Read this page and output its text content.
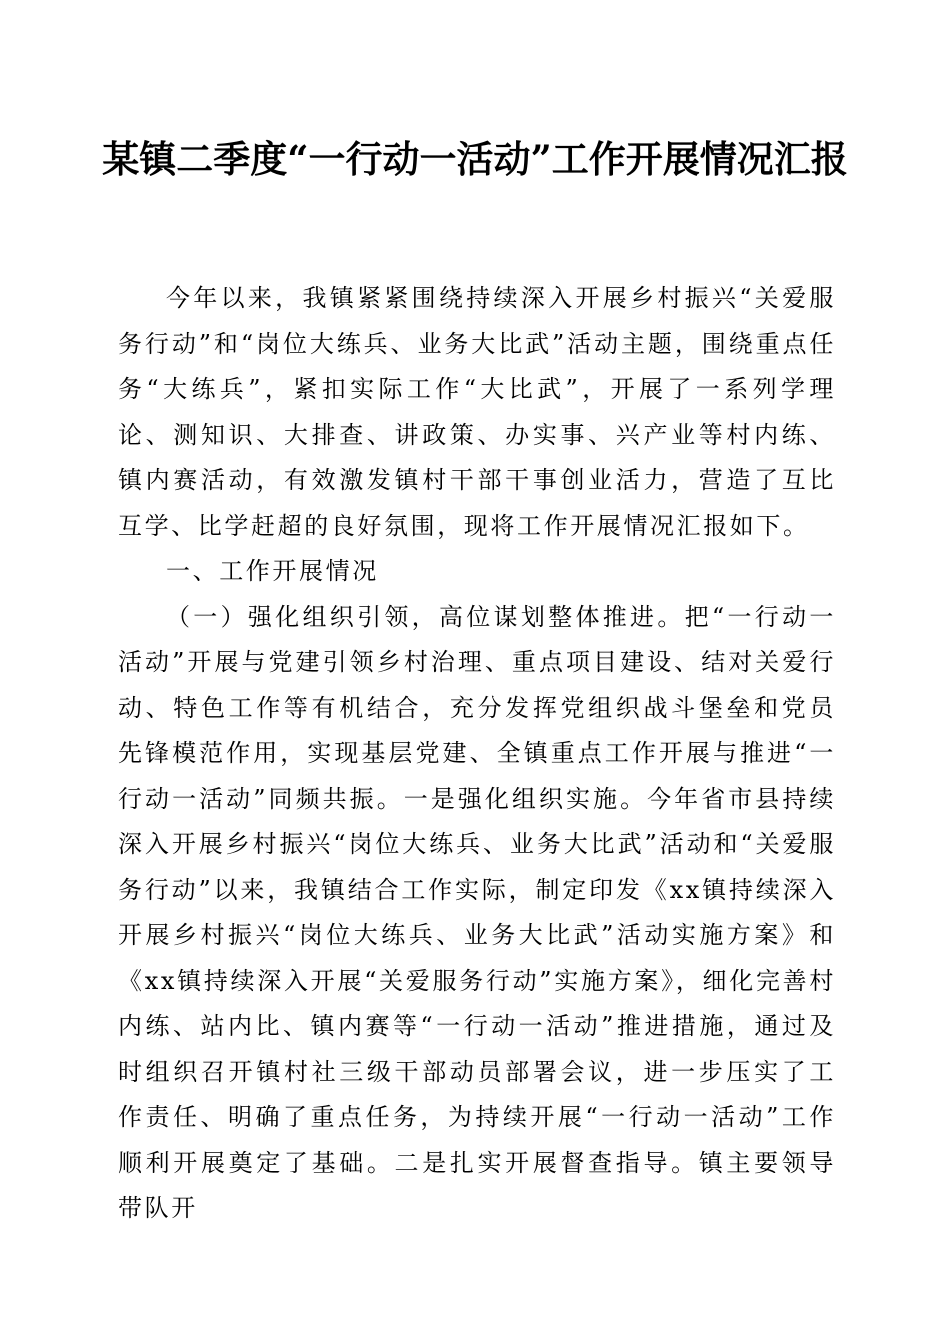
某镇二季度“一行动一活动”工作开展情况汇报

今年以来，我镇紧紧围绕持续深入开展乡村振兴“关爱服务行动”和“岗位大练兵、业务大比武”活动主题，围绕重点任务“大练兵”，紧扣实际工作“大比武”，开展了一系列学理论、测知识、大排查、讲政策、办实事、兴产业等村内练、镇内赛活动，有效激发镇村干部干事创业活力，营造了互比互学、比学赶超的良好氛围，现将工作开展情况汇报如下。

一、工作开展情况

（一）强化组织引领，高位谋划整体推进。把“一行动一活动”开展与党建引领乡村治理、重点项目建设、结对关爱行动、特色工作等有机结合，充分发挥党组织战斗堡垒和党员先锋模范作用，实现基层党建、全镇重点工作开展与推进“一行动一活动”同频共振。一是强化组织实施。今年省市县持续深入开展乡村振兴“岗位大练兵、业务大比武”活动和“关爱服务行动”以来，我镇结合工作实际，制定印发《xx镇持续深入开展乡村振兴“岗位大练兵、业务大比武”活动实施方案》和《xx镇持续深入开展“关爱服务行动”实施方案》，细化完善村内练、站内比、镇内赛等“一行动一活动”推进措施，通过及时组织召开镇村社三级干部动员部署会议，进一步压实了工作责任、明确了重点任务，为持续开展“一行动一活动”工作顺利开展奠定了基础。二是扎实开展督查指导。镇主要领导带队开
